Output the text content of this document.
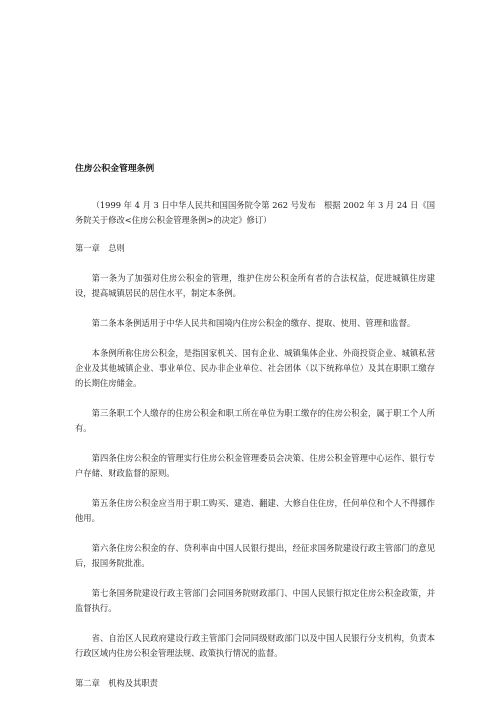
住房公积金管理条例

（1999 年 4 月 3 日中华人民共和国国务院令第 262 号发布　根据 2002 年 3 月 24 日《国务院关于修改<住房公积金管理条例>的决定》修订）

第一章　总则

第一条为了加强对住房公积金的管理，维护住房公积金所有者的合法权益，促进城镇住房建设，提高城镇居民的居住水平，制定本条例。

第二条本条例适用于中华人民共和国境内住房公积金的缴存、提取、使用、管理和监督。

本条例所称住房公积金，是指国家机关、国有企业、城镇集体企业、外商投资企业、城镇私营企业及其他城镇企业、事业单位、民办非企业单位、社会团体（以下统称单位）及其在职职工缴存的长期住房储金。

第三条职工个人缴存的住房公积金和职工所在单位为职工缴存的住房公积金，属于职工个人所有。

第四条住房公积金的管理实行住房公积金管理委员会决策、住房公积金管理中心运作、银行专户存储、财政监督的原则。

第五条住房公积金应当用于职工购买、建造、翻建、大修自住住房，任何单位和个人不得挪作他用。

第六条住房公积金的存、贷利率由中国人民银行提出，经征求国务院建设行政主管部门的意见后，报国务院批准。

第七条国务院建设行政主管部门会同国务院财政部门、中国人民银行拟定住房公积金政策，并监督执行。

省、自治区人民政府建设行政主管部门会同同级财政部门以及中国人民银行分支机构，负责本行政区域内住房公积金管理法规、政策执行情况的监督。

第二章　机构及其职责
